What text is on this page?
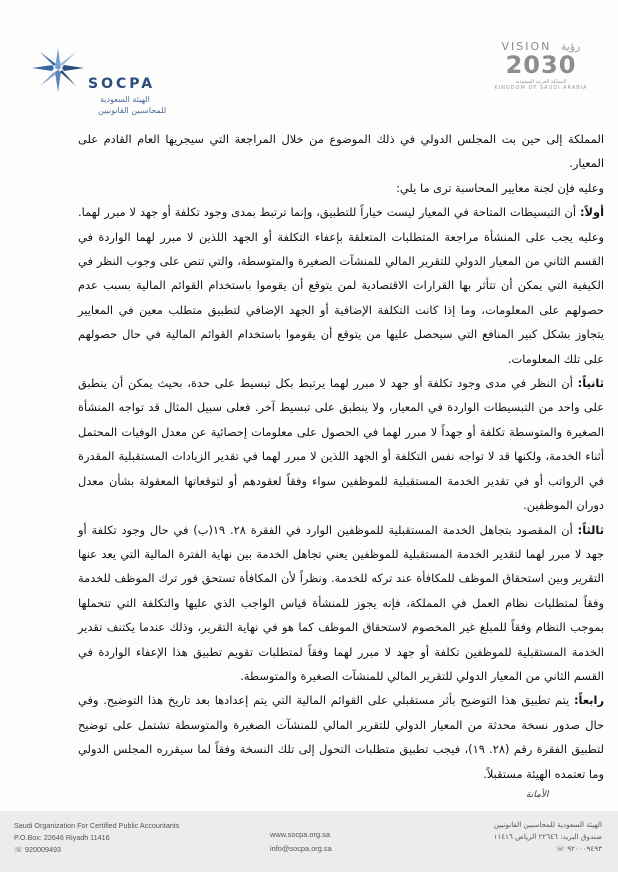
SOCPA
الهيئة السعودية
للمحاسبين القانونيين
VISION رؤية
2030
المملكة العربية السعودية
KINGDOM OF SAUDI ARABIA

المملكة إلى حين بت المجلس الدولي في ذلك الموضوع من خلال المراجعة التي سيجريها العام القادم على المعيار.

وعليه فإن لجنة معايير المحاسبة ترى ما يلي:

أولاً: أن التبسيطات المتاحة في المعيار ليست خياراً للتطبيق، وإنما ترتبط بمدى وجود تكلفة أو جهد لا مبرر لهما. وعليه يجب على المنشأة مراجعة المتطلبات المتعلقة بإعفاء التكلفة أو الجهد اللذين لا مبرر لهما الواردة في القسم الثاني من المعيار الدولي للتقرير المالي للمنشآت الصغيرة والمتوسطة، والتي تنص على وجوب النظر في الكيفية التي يمكن أن تتأثر بها القرارات الاقتصادية لمن يتوقع أن يقوموا باستخدام القوائم المالية بسبب عدم حصولهم على المعلومات، وما إذا كانت التكلفة الإضافية أو الجهد الإضافي لتطبيق متطلب معين في المعايير يتجاوز بشكل كبير المنافع التي سيحصل عليها من يتوقع أن يقوموا باستخدام القوائم المالية في حال حصولهم على تلك المعلومات.

ثانياً: أن النظر في مدى وجود تكلفة أو جهد لا مبرر لهما يرتبط بكل تبسيط على حدة، بحيث يمكن أن ينطبق على واحد من التبسيطات الواردة في المعيار، ولا ينطبق على تبسيط آخر. فعلى سبيل المثال قد تواجه المنشأة الصغيرة والمتوسطة تكلفة أو جهداً لا مبرر لهما في الحصول على معلومات إحصائية عن معدل الوفيات المحتمل أثناء الخدمة، ولكنها قد لا تواجه نفس التكلفة أو الجهد اللذين لا مبرر لهما في تقدير الزيادات المستقبلية المقدرة في الرواتب أو في تقدير الخدمة المستقبلية للموظفين سواء وفقاً لعقودهم أو لتوقعاتها المعقولة بشأن معدل دوران الموظفين.

ثالثاً: أن المقصود بتجاهل الخدمة المستقبلية للموظفين الوارد في الفقرة ٢٨. ١٩(ب) في حال وجود تكلفة أو جهد لا مبرر لهما لتقدير الخدمة المستقبلية للموظفين يعني تجاهل الخدمة بين نهاية الفترة المالية التي يعد عنها التقرير وبين استحقاق الموظف للمكافأة عند تركه للخدمة. ونظراً لأن المكافأة تستحق فور ترك الموظف للخدمة وفقاً لمتطلبات نظام العمل في المملكة، فإنه يجوز للمنشأة قياس الواجب الذي عليها والتكلفة التي تتحملها بموجب النظام وفقاً للمبلغ غير المخصوم لاستحقاق الموظف كما هو في نهاية التقرير، وذلك عندما يكتنف تقدير الخدمة المستقبلية للموظفين تكلفة أو جهد لا مبرر لهما وفقاً لمتطلبات تقويم تطبيق هذا الإعفاء الواردة في القسم الثاني من المعيار الدولي للتقرير المالي للمنشآت الصغيرة والمتوسطة.

رابعاً: يتم تطبيق هذا التوضيح بأثر مستقبلي على القوائم المالية التي يتم إعدادها بعد تاريخ هذا التوضيح. وفي حال صدور نسخة محدثة من المعيار الدولي للتقرير المالي للمنشآت الصغيرة والمتوسطة تشتمل على توضيح لتطبيق الفقرة رقم (٢٨. ١٩)، فيجب تطبيق متطلبات التحول إلى تلك النسخة وفقاً لما سيقرره المجلس الدولي وما تعتمده الهيئة مستقبلاً.

الأمانة
Saudi Organization For Certified Public Accountants
P.O.Box: 22646 Riyadh 11416
☏ 920009493
www.socpa.org.sa
info@socpa.org.sa
الهيئة السعودية للمحاسبين القانونيين
صندوق البريد: ٢٢٦٤٦ الرياض ١١٤١٦
٩٢٠٠٠٩٤٩٣ ☏
